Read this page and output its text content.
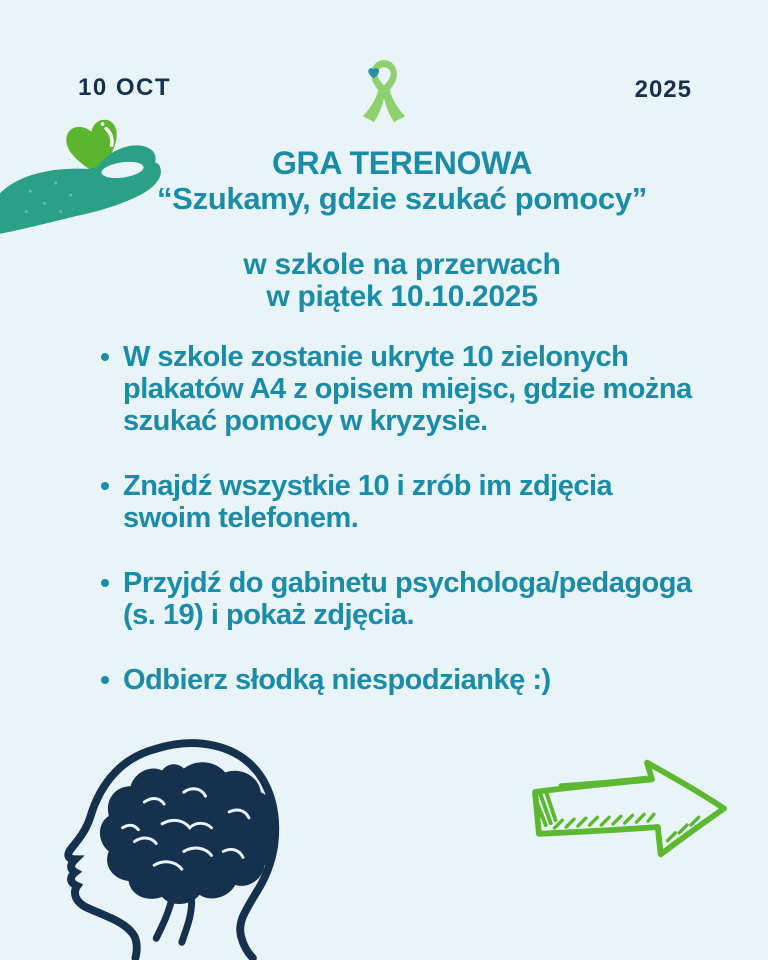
10 OCT	2025
GRA TERENOWA
“Szukamy, gdzie szukać pomocy”
w szkole na przerwach
w piątek 10.10.2025
W szkole zostanie ukryte 10 zielonych plakatów A4 z opisem miejsc, gdzie można szukać pomocy w kryzysie.
Znajdź wszystkie 10 i zrób im zdjęcia swoim telefonem.
Przyjdź do gabinetu psychologa/pedagoga (s. 19) i pokaż zdjęcia.
Odbierz słodką niespodziankę :)
